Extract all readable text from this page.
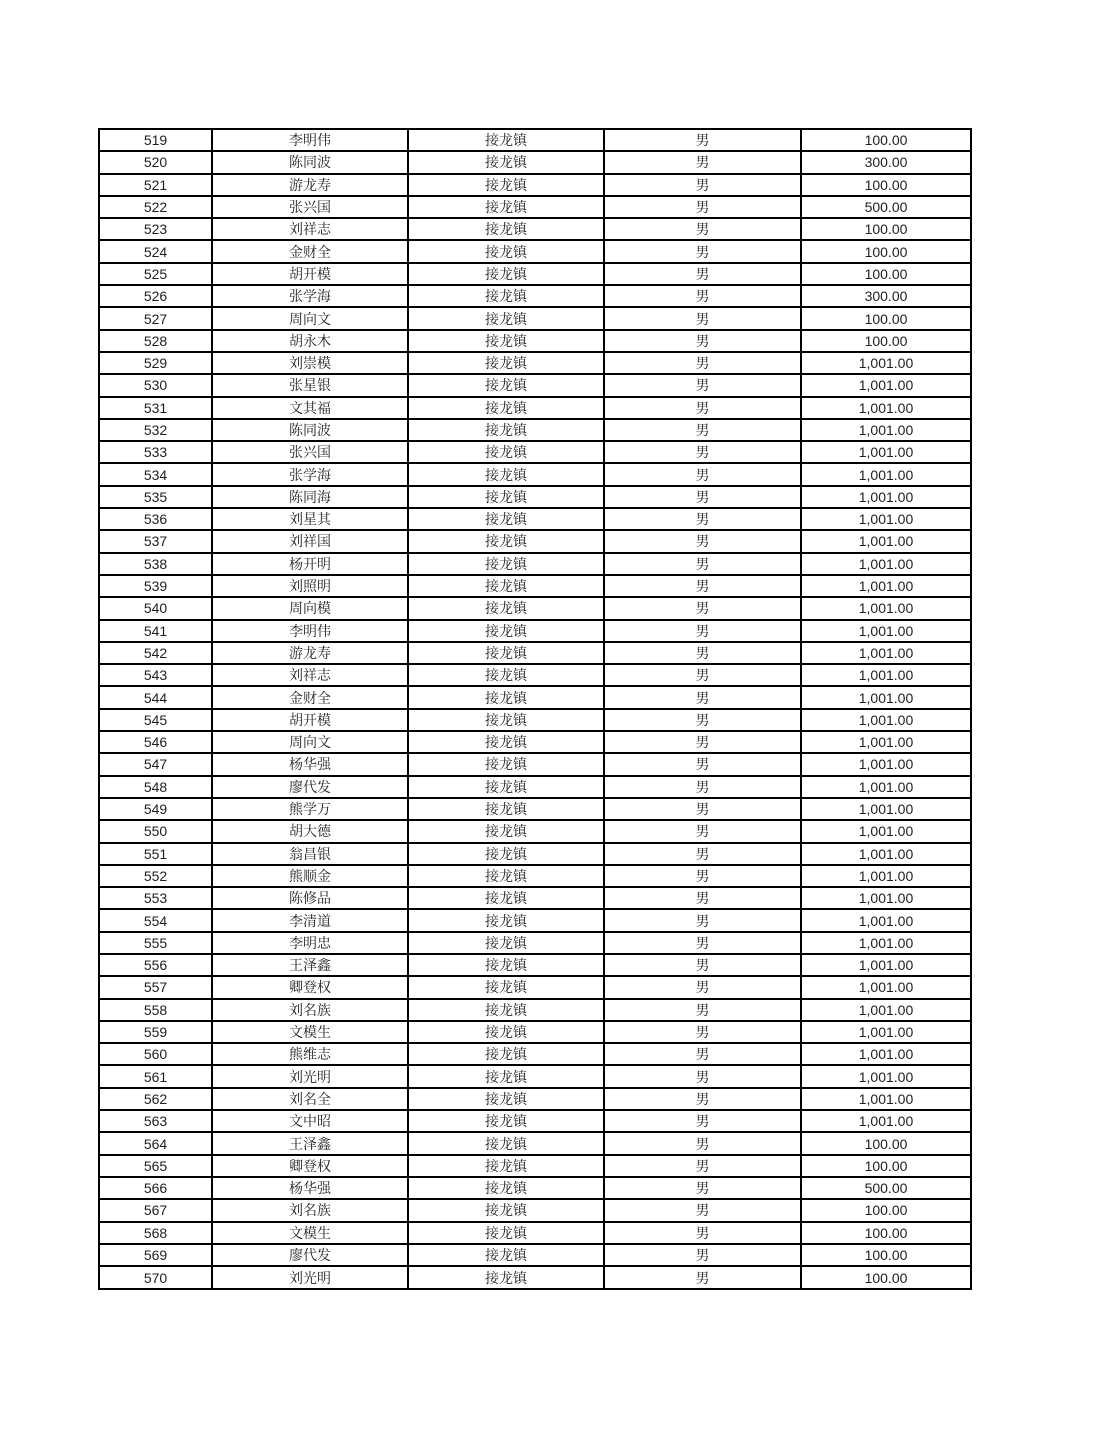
519	李明伟	接龙镇	男	100.00
520	陈同波	接龙镇	男	300.00
521	游龙寿	接龙镇	男	100.00
522	张兴国	接龙镇	男	500.00
523	刘祥志	接龙镇	男	100.00
524	金财全	接龙镇	男	100.00
525	胡开模	接龙镇	男	100.00
526	张学海	接龙镇	男	300.00
527	周向文	接龙镇	男	100.00
528	胡永木	接龙镇	男	100.00
529	刘崇模	接龙镇	男	1,001.00
530	张星银	接龙镇	男	1,001.00
531	文其福	接龙镇	男	1,001.00
532	陈同波	接龙镇	男	1,001.00
533	张兴国	接龙镇	男	1,001.00
534	张学海	接龙镇	男	1,001.00
535	陈同海	接龙镇	男	1,001.00
536	刘星其	接龙镇	男	1,001.00
537	刘祥国	接龙镇	男	1,001.00
538	杨开明	接龙镇	男	1,001.00
539	刘照明	接龙镇	男	1,001.00
540	周向模	接龙镇	男	1,001.00
541	李明伟	接龙镇	男	1,001.00
542	游龙寿	接龙镇	男	1,001.00
543	刘祥志	接龙镇	男	1,001.00
544	金财全	接龙镇	男	1,001.00
545	胡开模	接龙镇	男	1,001.00
546	周向文	接龙镇	男	1,001.00
547	杨华强	接龙镇	男	1,001.00
548	廖代发	接龙镇	男	1,001.00
549	熊学万	接龙镇	男	1,001.00
550	胡大德	接龙镇	男	1,001.00
551	翁昌银	接龙镇	男	1,001.00
552	熊顺金	接龙镇	男	1,001.00
553	陈修品	接龙镇	男	1,001.00
554	李清道	接龙镇	男	1,001.00
555	李明忠	接龙镇	男	1,001.00
556	王泽鑫	接龙镇	男	1,001.00
557	卿登权	接龙镇	男	1,001.00
558	刘名族	接龙镇	男	1,001.00
559	文模生	接龙镇	男	1,001.00
560	熊维志	接龙镇	男	1,001.00
561	刘光明	接龙镇	男	1,001.00
562	刘名全	接龙镇	男	1,001.00
563	文中昭	接龙镇	男	1,001.00
564	王泽鑫	接龙镇	男	100.00
565	卿登权	接龙镇	男	100.00
566	杨华强	接龙镇	男	500.00
567	刘名族	接龙镇	男	100.00
568	文模生	接龙镇	男	100.00
569	廖代发	接龙镇	男	100.00
570	刘光明	接龙镇	男	100.00
